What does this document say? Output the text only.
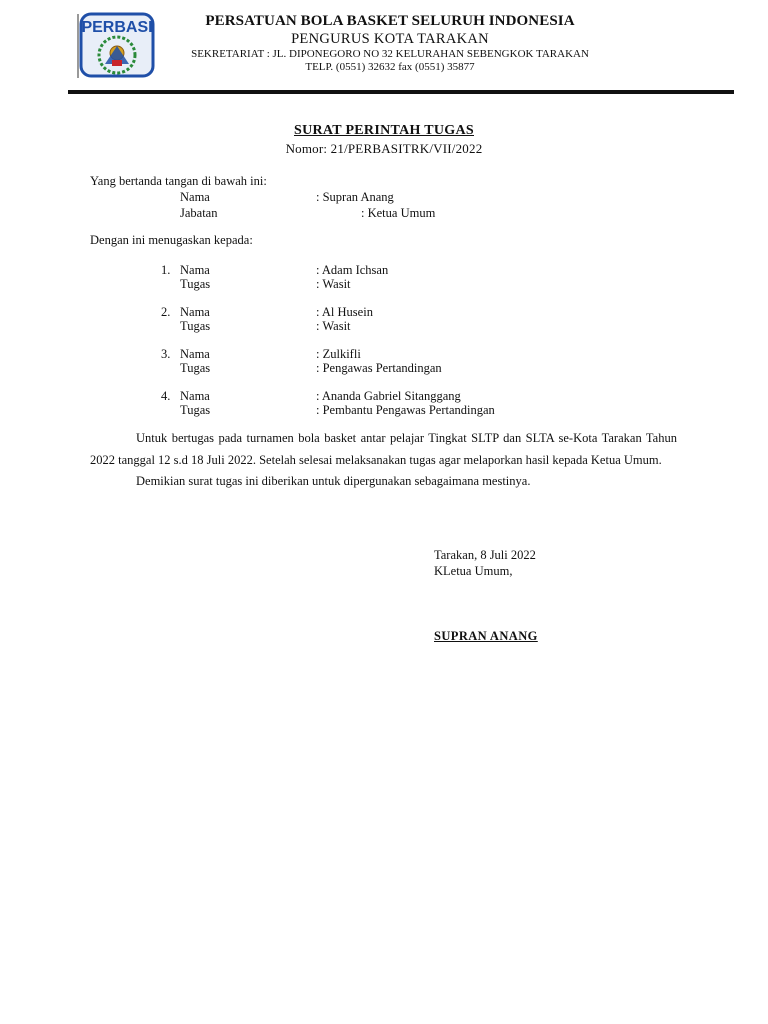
PERBASI	PERSATUAN BOLA BASKET SELURUH INDONESIA
PENGURUS KOTA TARAKAN
SEKRETARIAT : JL. DIPONEGORO NO 32 KELURAHAN SEBENGKOK TARAKAN
TELP. (0551) 32632 fax (0551) 35877
SURAT PERINTAH TUGAS
Nomor: 21/PERBASITRK/VII/2022
Yang bertanda tangan di bawah ini:
Nama	: Supran Anang
Jabatan	: Ketua Umum
Dengan ini menugaskan kepada:
1. Nama	: Adam Ichsan
Tugas	: Wasit
2. Nama	: Al Husein
Tugas	: Wasit
3. Nama	: Zulkifli
Tugas	: Pengawas Pertandingan
4. Nama	: Ananda Gabriel Sitanggang
Tugas	: Pembantu Pengawas Pertandingan

Untuk bertugas pada turnamen bola basket antar pelajar Tingkat SLTP dan SLTA se-Kota Tarakan Tahun 2022 tanggal 12 s.d 18 Juli 2022. Setelah selesai melaksanakan tugas agar melaporkan hasil kepada Ketua Umum.

Demikian surat tugas ini diberikan untuk dipergunakan sebagaimana mestinya.

Tarakan, 8 Juli 2022
KLetua Umum,
SUPRAN ANANG
